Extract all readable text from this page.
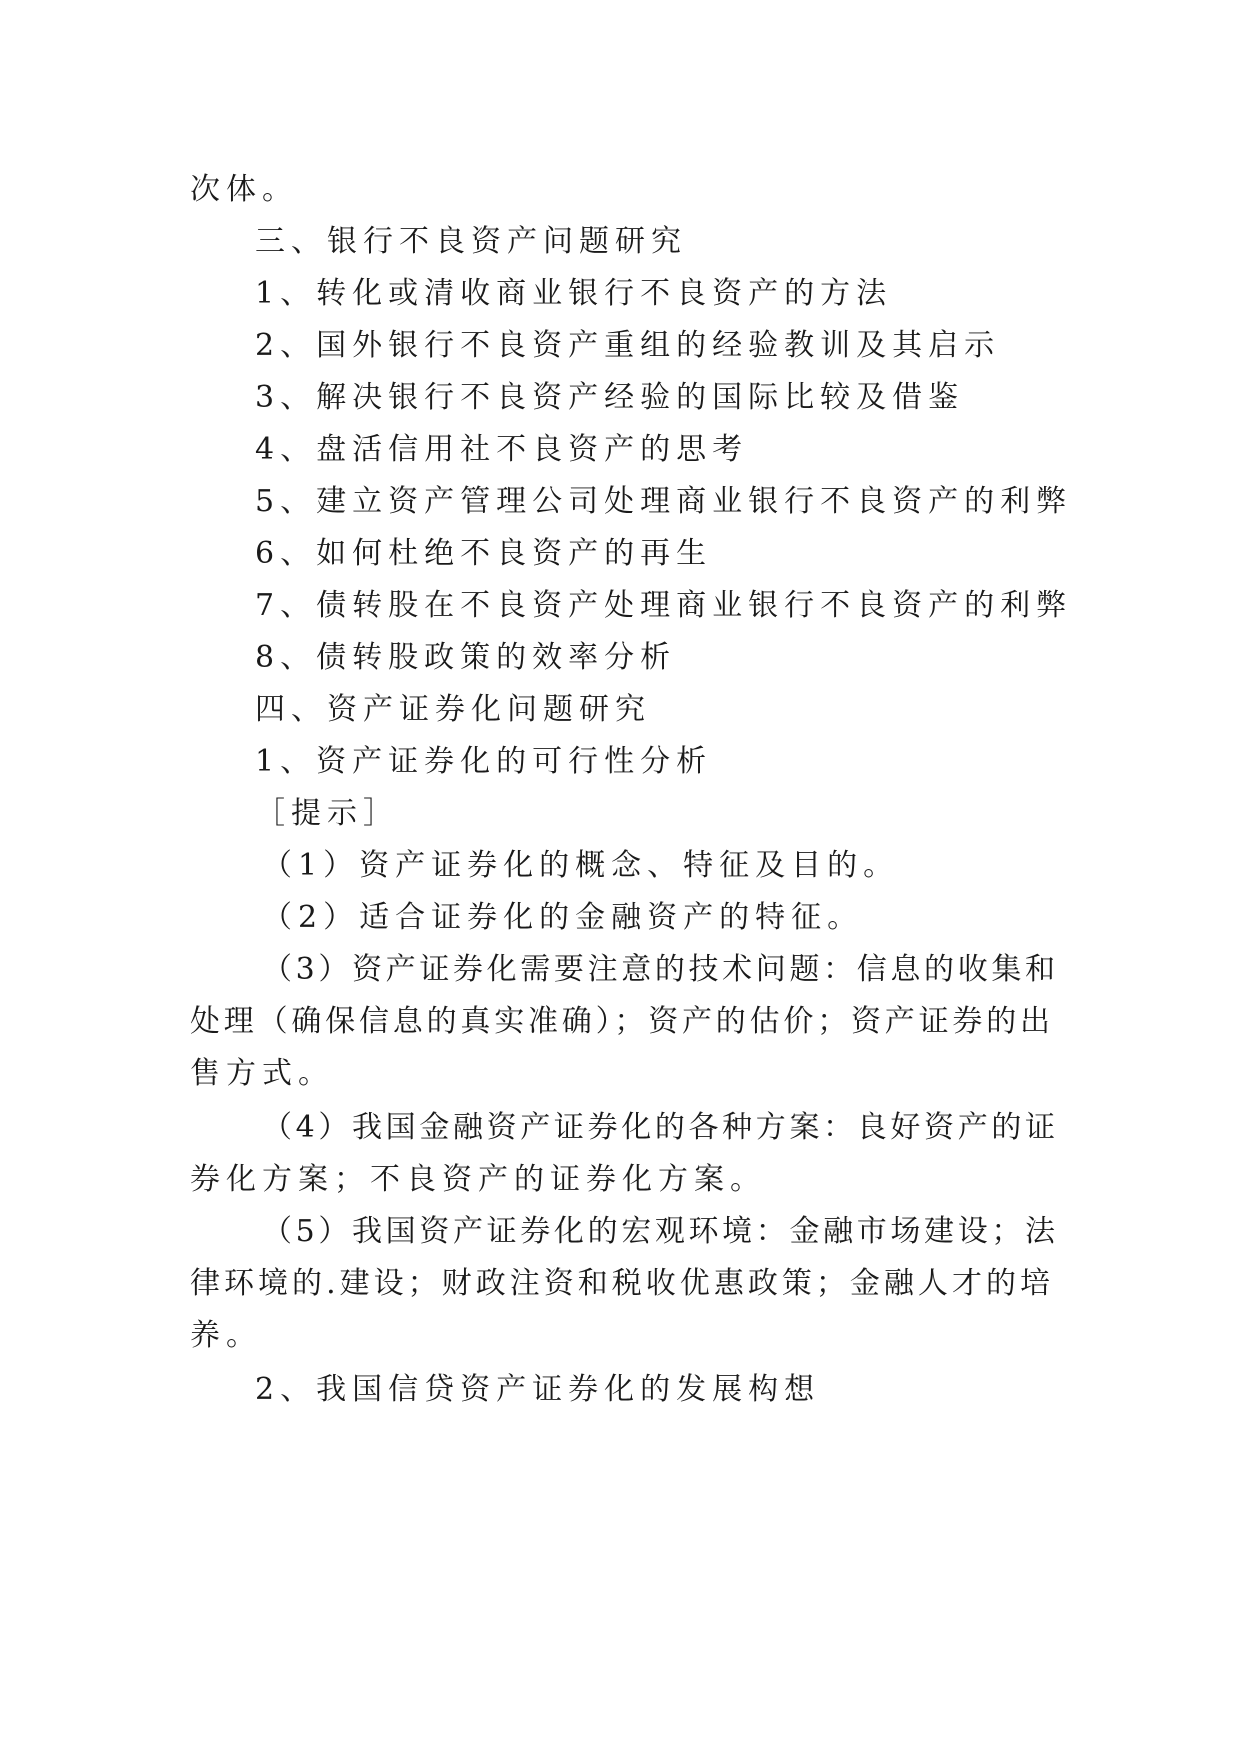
次体。
三、银行不良资产问题研究
1、转化或清收商业银行不良资产的方法
2、国外银行不良资产重组的经验教训及其启示
3、解决银行不良资产经验的国际比较及借鉴
4、盘活信用社不良资产的思考
5、建立资产管理公司处理商业银行不良资产的利弊
6、如何杜绝不良资产的再生
7、债转股在不良资产处理商业银行不良资产的利弊
8、债转股政策的效率分析
四、资产证券化问题研究
1、资产证券化的可行性分析
［提示］
（1）资产证券化的概念、特征及目的。
（2）适合证券化的金融资产的特征。
（3）资产证券化需要注意的技术问题：信息的收集和
处理（确保信息的真实准确）；资产的估价；资产证券的出
售方式。
（4）我国金融资产证券化的各种方案：良好资产的证
券化方案；不良资产的证券化方案。
（5）我国资产证券化的宏观环境：金融市场建设；法
律环境的.建设；财政注资和税收优惠政策；金融人才的培
养。
2、我国信贷资产证券化的发展构想
